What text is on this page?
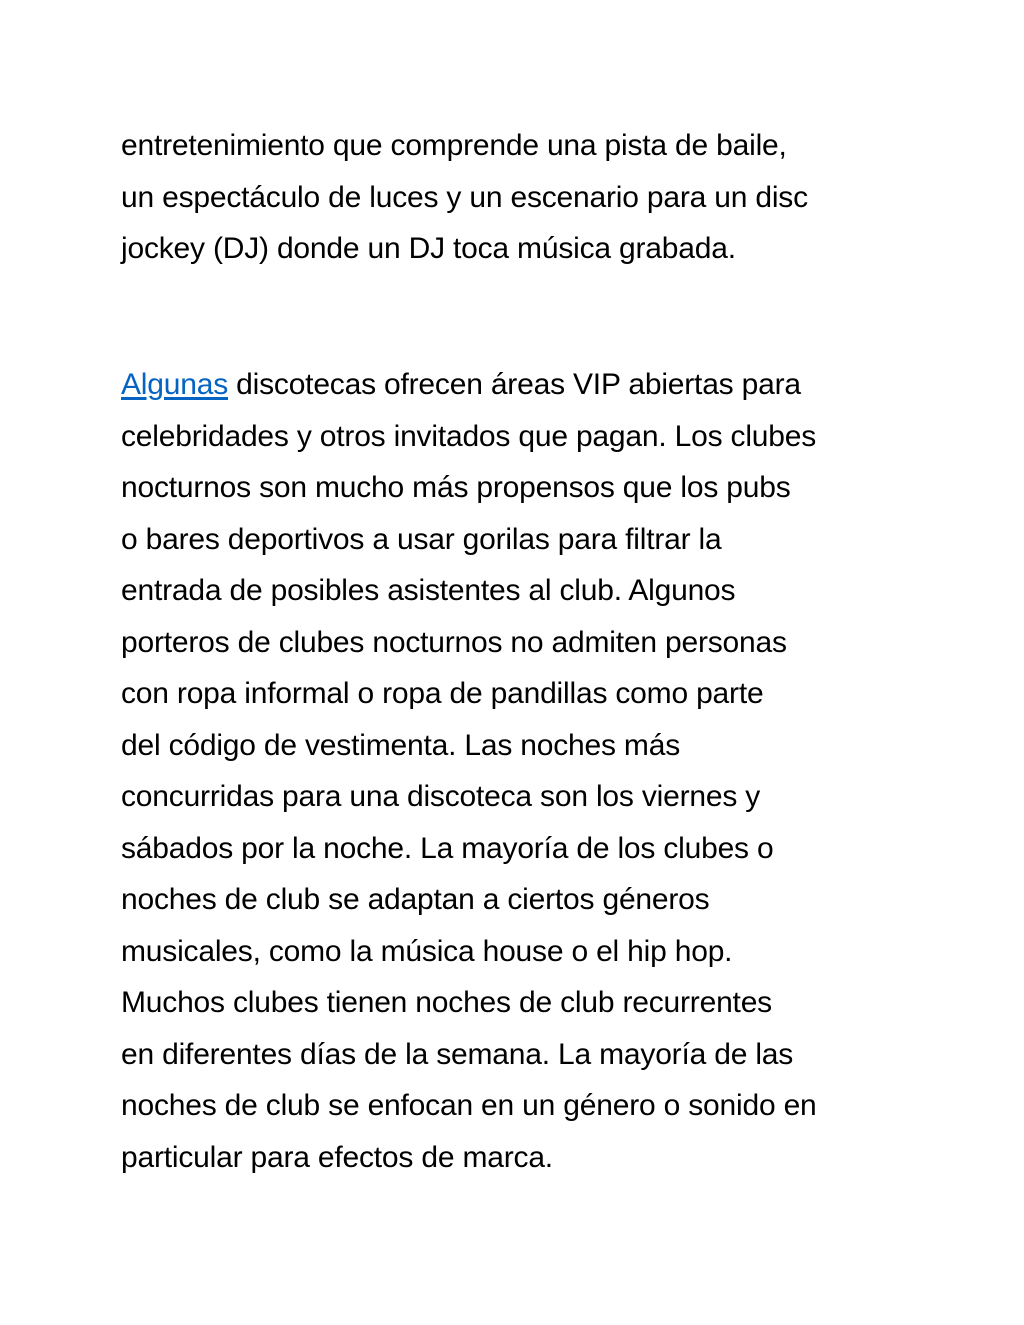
entretenimiento que comprende una pista de baile,
un espectáculo de luces y un escenario para un disc
jockey (DJ) donde un DJ toca música grabada.
Algunas discotecas ofrecen áreas VIP abiertas para
celebridades y otros invitados que pagan. Los clubes
nocturnos son mucho más propensos que los pubs
o bares deportivos a usar gorilas para filtrar la
entrada de posibles asistentes al club. Algunos
porteros de clubes nocturnos no admiten personas
con ropa informal o ropa de pandillas como parte
del código de vestimenta. Las noches más
concurridas para una discoteca son los viernes y
sábados por la noche. La mayoría de los clubes o
noches de club se adaptan a ciertos géneros
musicales, como la música house o el hip hop.
Muchos clubes tienen noches de club recurrentes
en diferentes días de la semana. La mayoría de las
noches de club se enfocan en un género o sonido en
particular para efectos de marca.
